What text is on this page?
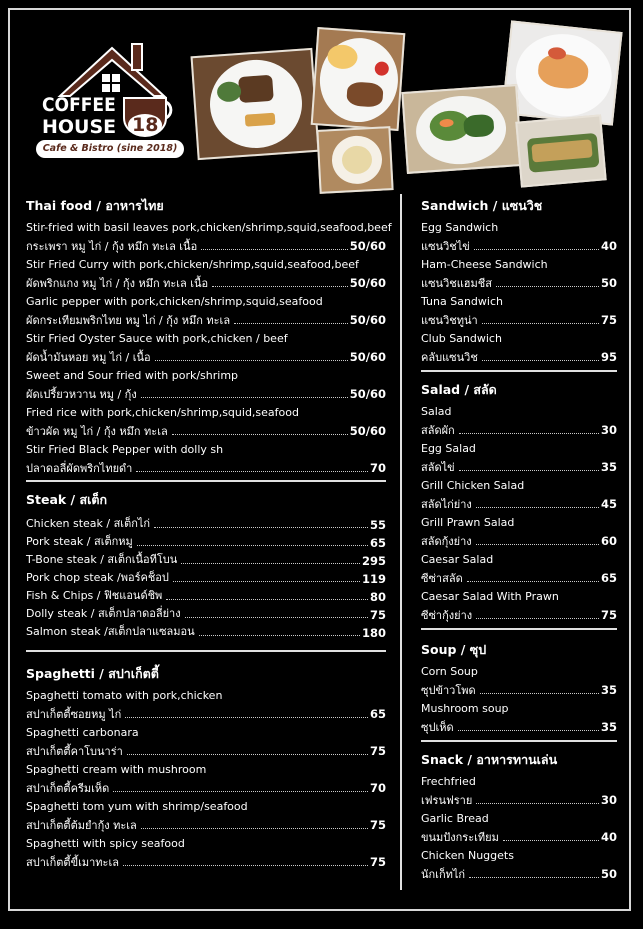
COFFEE
HOUSE 18
Cafe & Bistro (sine 2018)
Thai food / อาหารไทย
Stir-fried with basil leaves pork,chicken/shrimp,squid,seafood,beef
กระเพรา หมู ไก่ / กุ้ง หมึก ทะเล เนื้อ	50/60
Stir Fried Curry with pork,chicken/shrimp,squid,seafood,beef
ผัดพริกแกง หมู ไก่ / กุ้ง หมึก ทะเล เนื้อ	50/60
Garlic pepper with pork,chicken/shrimp,squid,seafood
ผัดกระเทียมพริกไทย หมู ไก่ / กุ้ง หมึก ทะเล	50/60
Stir Fried Oyster Sauce with pork,chicken / beef
ผัดน้ำมันหอย หมู ไก่ / เนื้อ	50/60
Sweet and Sour fried with pork/shrimp
ผัดเปรี้ยวหวาน หมู / กุ้ง	50/60
Fried rice with pork,chicken/shrimp,squid,seafood
ข้าวผัด หมู ไก่ / กุ้ง หมึก ทะเล	50/60
Stir Fried Black Pepper with dolly sh
ปลาดอลี่ผัดพริกไทยดำ	70
Steak / สเต็ก
Chicken steak / สเต็กไก่	55
Pork steak / สเต็กหมู	65
T-Bone steak / สเต็กเนื้อทีโบน	295
Pork chop steak /พอร์คช็อป	119
Fish & Chips / ฟิชแอนด์ชิพ	80
Dolly steak / สเต็กปลาดอลี่ย่าง	75
Salmon steak /สเต็กปลาแซลมอน	180
Spaghetti / สปาเก็ตตี้
Spaghetti tomato with pork,chicken
สปาเก็ตตี้ซอยหมู ไก่	65
Spaghetti carbonara
สปาเก็ตตี้คาโบนาร่า	75
Spaghetti cream with mushroom
สปาเก็ตตี้ครีมเห็ด	70
Spaghetti tom yum with shrimp/seafood
สปาเก็ตตี้ต้มยำกุ้ง ทะเล	75
Spaghetti with spicy seafood
สปาเก็ตตี้ขี้เมาทะเล	75
Sandwich / แซนวิช
Egg Sandwich
แซนวิชไข่	40
Ham-Cheese Sandwich
แซนวิชแฮมชีส	50
Tuna Sandwich
แซนวิชทูน่า	75
Club Sandwich
คลับแซนวิช	95
Salad / สลัด
Salad
สลัดผัก	30
Egg Salad
สลัดไข่	35
Grill Chicken Salad
สลัดไก่ย่าง	45
Grill Prawn Salad
สลัดกุ้งย่าง	60
Caesar Salad
ซีซ่าสลัด	65
Caesar Salad With Prawn
ซีซ่ากุ้งย่าง	75
Soup / ซุป
Corn Soup
ซุปข้าวโพด	35
Mushroom soup
ซุปเห็ด	35
Snack / อาหารทานเล่น
Frechfried
เฟรนฟราย	30
Garlic Bread
ขนมปังกระเทียม	40
Chicken Nuggets
นักเก็ทไก่	50
